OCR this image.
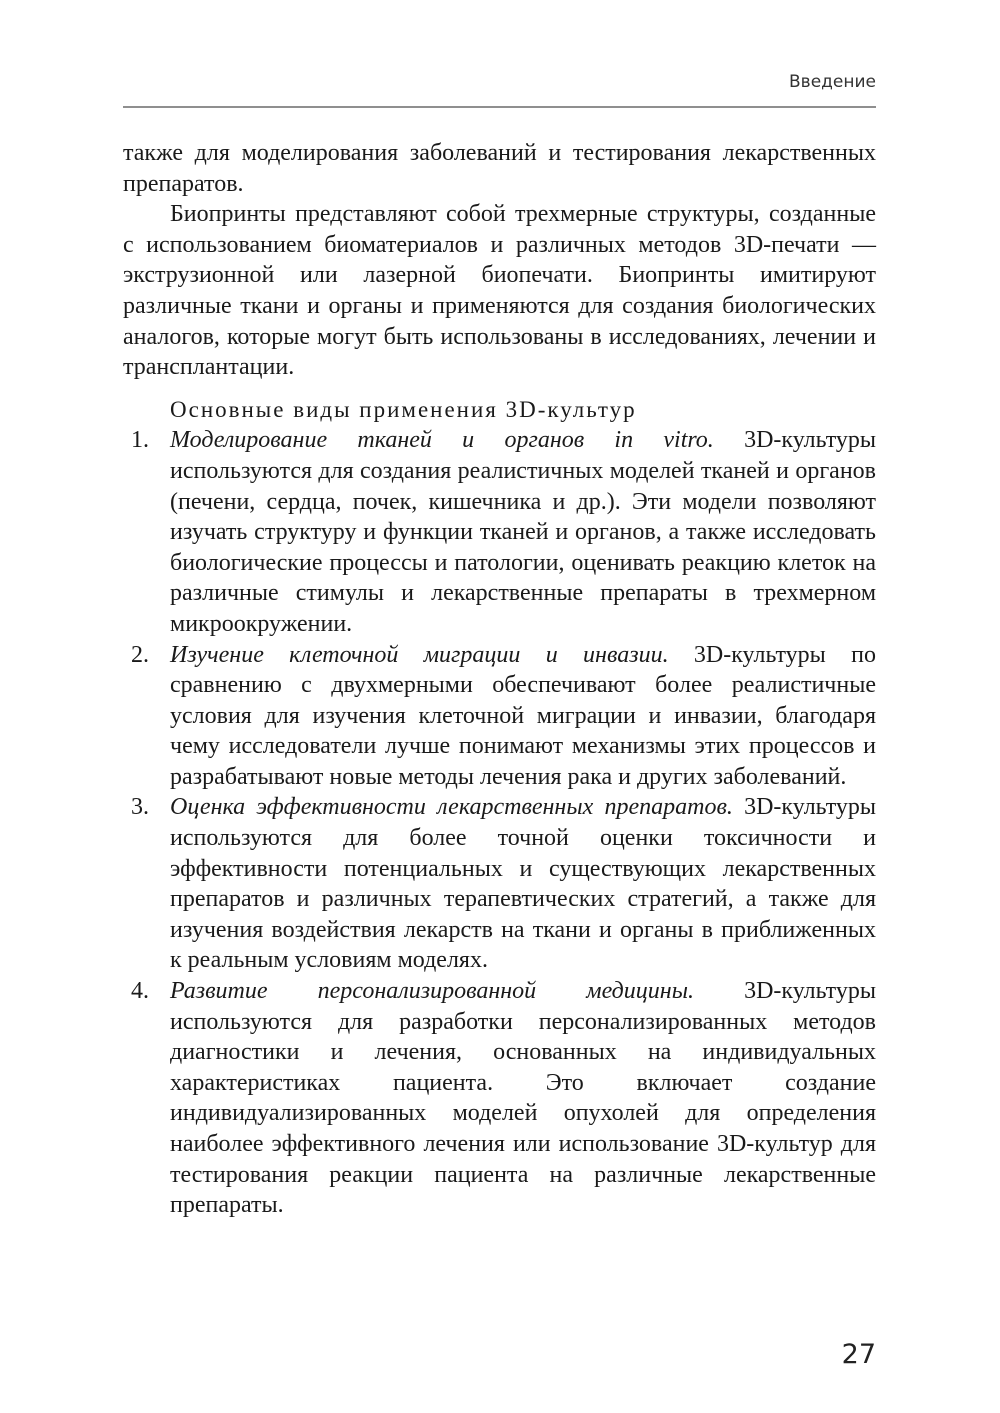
Введение

также для моделирования заболеваний и тестирования лекарственных препаратов.

Биопринты представляют собой трехмерные структуры, созданные с использованием биоматериалов и различных методов 3D-печати — экструзионной или лазерной биопечати. Биопринты имитируют различные ткани и органы и применяются для создания биологических аналогов, которые могут быть использованы в исследованиях, лечении и трансплантации.

Основные виды применения 3D-культур

1. Моделирование тканей и органов in vitro. 3D-культуры используются для создания реалистичных моделей тканей и органов (печени, сердца, почек, кишечника и др.). Эти модели позволяют изучать структуру и функции тканей и органов, а также исследовать биологические процессы и патологии, оценивать реакцию клеток на различные стимулы и лекарственные препараты в трехмерном микроокружении.
2. Изучение клеточной миграции и инвазии. 3D-культуры по сравнению с двухмерными обеспечивают более реалистичные условия для изучения клеточной миграции и инвазии, благодаря чему исследователи лучше понимают механизмы этих процессов и разрабатывают новые методы лечения рака и других заболеваний.
3. Оценка эффективности лекарственных препаратов. 3D-культуры используются для более точной оценки токсичности и эффективности потенциальных и существующих лекарственных препаратов и различных терапевтических стратегий, а также для изучения воздействия лекарств на ткани и органы в приближенных к реальным условиям моделях.
4. Развитие персонализированной медицины. 3D-культуры используются для разработки персонализированных методов диагностики и лечения, основанных на индивидуальных характеристиках пациента. Это включает создание индивидуализированных моделей опухолей для определения наиболее эффективного лечения или использование 3D-культур для тестирования реакции пациента на различные лекарственные препараты.
27
